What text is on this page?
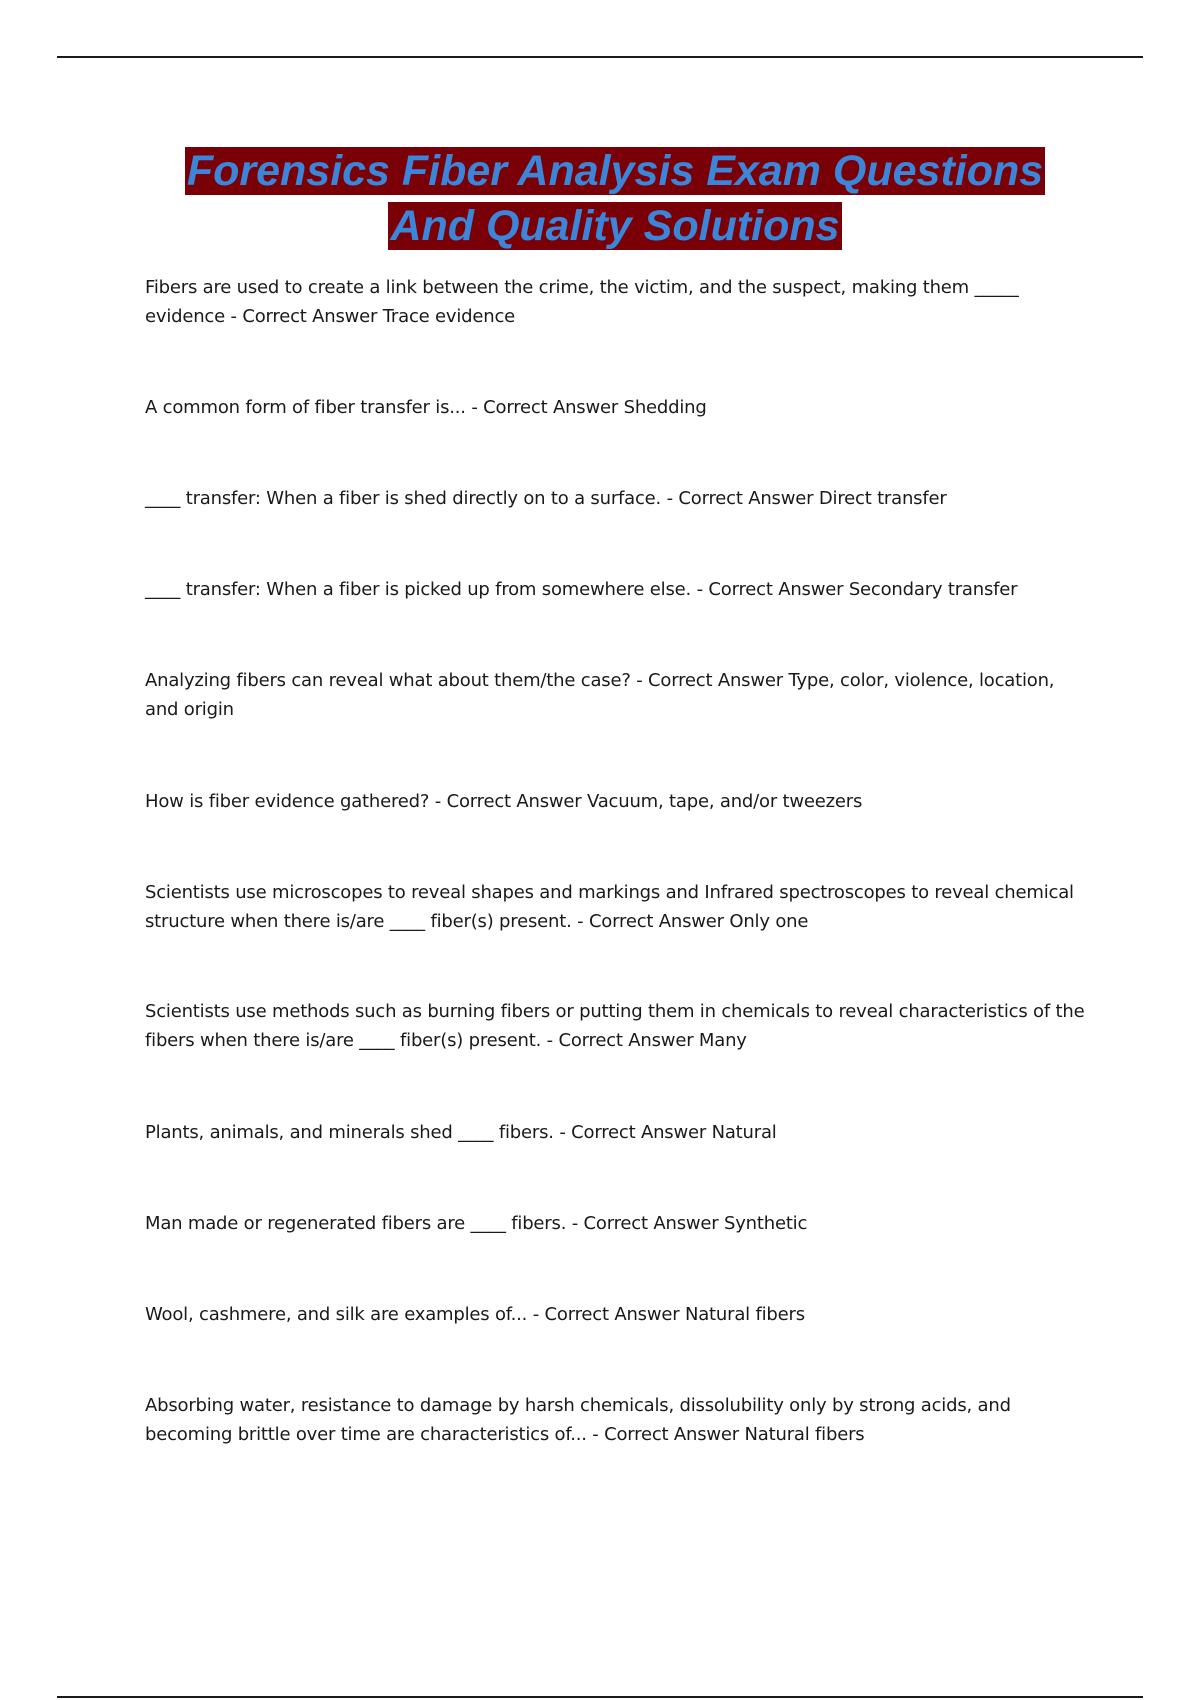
Forensics Fiber Analysis Exam Questions
And Quality Solutions
Fibers are used to create a link between the crime, the victim, and the suspect, making them _____ evidence - Correct Answer Trace evidence
A common form of fiber transfer is... - Correct Answer Shedding
____ transfer: When a fiber is shed directly on to a surface. - Correct Answer Direct transfer
____ transfer: When a fiber is picked up from somewhere else. - Correct Answer Secondary transfer
Analyzing fibers can reveal what about them/the case? - Correct Answer Type, color, violence, location, and origin
How is fiber evidence gathered? - Correct Answer Vacuum, tape, and/or tweezers
Scientists use microscopes to reveal shapes and markings and Infrared spectroscopes to reveal chemical structure when there is/are ____ fiber(s) present. - Correct Answer Only one
Scientists use methods such as burning fibers or putting them in chemicals to reveal characteristics of the fibers when there is/are ____ fiber(s) present. - Correct Answer Many
Plants, animals, and minerals shed ____ fibers. - Correct Answer Natural
Man made or regenerated fibers are ____ fibers. - Correct Answer Synthetic
Wool, cashmere, and silk are examples of... - Correct Answer Natural fibers
Absorbing water, resistance to damage by harsh chemicals, dissolubility only by strong acids, and becoming brittle over time are characteristics of... - Correct Answer Natural fibers
